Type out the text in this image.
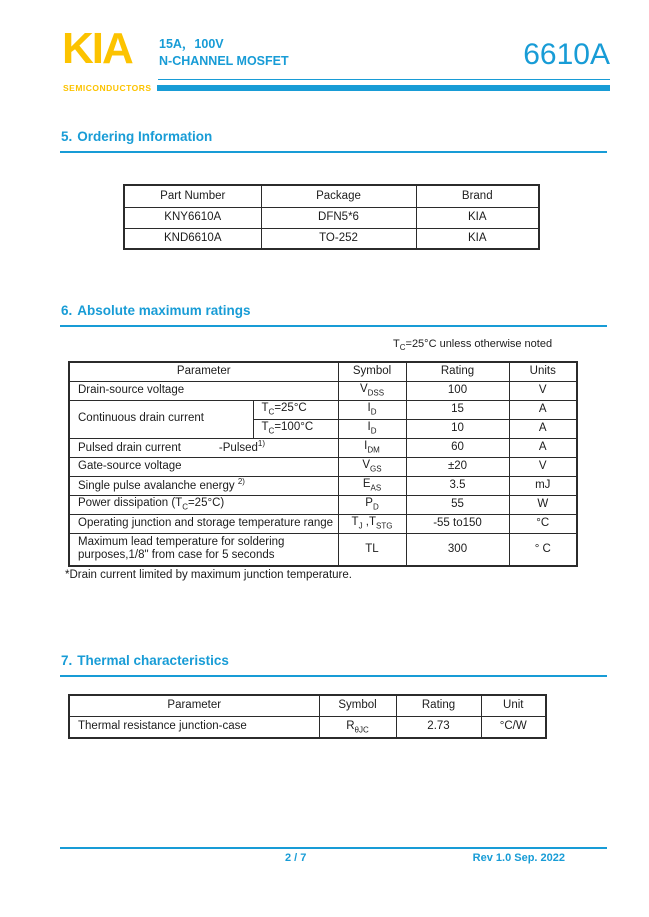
KIA
SEMICONDUCTORS
15A，100V
N-CHANNEL MOSFET	6610A
5. Ordering Information
Part Number	Package	Brand
KNY6610A	DFN5*6	KIA
KND6610A	TO-252	KIA
6. Absolute maximum ratings
$T_C=25^\circ C$ unless otherwise noted
Parameter		Symbol	Rating	Units
Drain-source voltage		$V_{DSS}$	100	V
Continuous drain current	$T_C=25^\circ C$	$I_D$	15	A
	$T_C=100^\circ C$	$I_D$	10	A
Pulsed drain current -Pulsed$^{1)}$		$I_{DM}$	60	A
Gate-source voltage		$V_{GS}$	±20	V
Single pulse avalanche energy $^{2)}$		$E_{AS}$	3.5	mJ
Power dissipation $(T_C=25^\circ C)$		$P_D$	55	W
Operating junction and storage temperature range		$T_J$ $,T_{STG}$	-55 to150	°C

Maximum lead temperature for soldering
purposes,1/8" from case for 5 seconds		TL	300	° C
*Drain current limited by maximum junction temperature.
7. Thermal characteristics
Parameter	Symbol	Rating	Unit
Thermal resistance junction-case	$R_{\theta JC}$	2.73	°C/W
2 / 7	Rev 1.0 Sep. 2022
